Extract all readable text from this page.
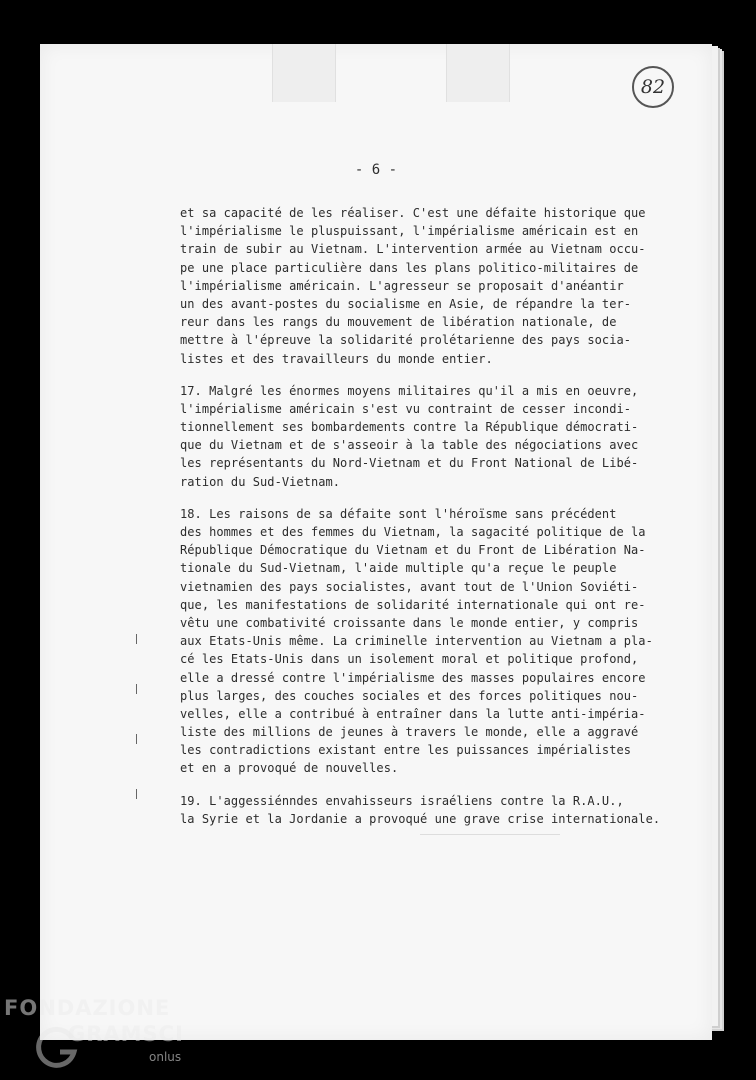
82
- 6 -
et sa capacité de les réaliser. C'est une défaite historique que
l'impérialisme le pluspuissant, l'impérialisme américain est en
train de subir au Vietnam. L'intervention armée au Vietnam occu-
pe une place particulière dans les plans politico-militaires de
l'impérialisme américain. L'agresseur se proposait d'anéantir
un des avant-postes du socialisme en Asie, de répandre la ter-
reur dans les rangs du mouvement de libération nationale, de
mettre à l'épreuve la solidarité prolétarienne des pays socia-
listes et des travailleurs du monde entier.
17. Malgré les énormes moyens militaires qu'il a mis en oeuvre,
l'impérialisme américain s'est vu contraint de cesser incondi-
tionnellement ses bombardements contre la République démocrati-
que du Vietnam et de s'asseoir à la table des négociations avec
les représentants du Nord-Vietnam et du Front National de Libé-
ration du Sud-Vietnam.
18. Les raisons de sa défaite sont l'héroïsme sans précédent
des hommes et des femmes du Vietnam, la sagacité politique de la
République Démocratique du Vietnam et du Front de Libération Na-
tionale du Sud-Vietnam, l'aide multiple qu'a reçue le peuple
vietnamien des pays socialistes, avant tout de l'Union Soviéti-
que, les manifestations de solidarité internationale qui ont re-
vêtu une combativité croissante dans le monde entier, y compris
aux Etats-Unis même. La criminelle intervention au Vietnam a pla-
cé les Etats-Unis dans un isolement moral et politique profond,
elle a dressé contre l'impérialisme des masses populaires encore
plus larges, des couches sociales et des forces politiques nou-
velles, elle a contribué à entraîner dans la lutte anti-impéria-
liste des millions de jeunes à travers le monde, elle a aggravé
les contradictions existant entre les puissances impérialistes
et en a provoqué de nouvelles.
19. L'aggessiénndes envahisseurs israéliens contre la R.A.U.,
la Syrie et la Jordanie a provoqué une grave crise internationale.
FONDAZIONE
GRAMSCI
onlus
